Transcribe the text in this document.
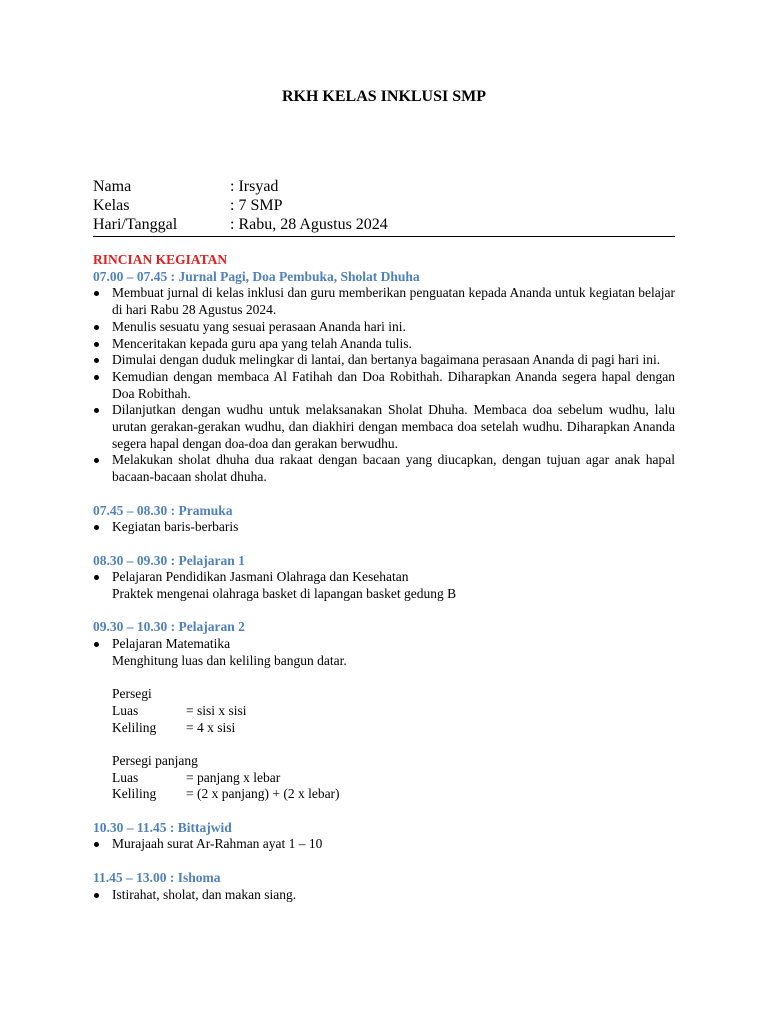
RKH KELAS INKLUSI SMP
Nama	: Irsyad
Kelas	: 7 SMP
Hari/Tanggal	: Rabu, 28 Agustus 2024

RINCIAN KEGIATAN

07.00 – 07.45 : Jurnal Pagi, Doa Pembuka, Sholat Dhuha

Membuat jurnal di kelas inklusi dan guru memberikan penguatan kepada Ananda untuk kegiatan belajar di hari Rabu 28 Agustus 2024.
Menulis sesuatu yang sesuai perasaan Ananda hari ini.
Menceritakan kepada guru apa yang telah Ananda tulis.
Dimulai dengan duduk melingkar di lantai, dan bertanya bagaimana perasaan Ananda di pagi hari ini.
Kemudian dengan membaca Al Fatihah dan Doa Robithah. Diharapkan Ananda segera hapal dengan Doa Robithah.
Dilanjutkan dengan wudhu untuk melaksanakan Sholat Dhuha. Membaca doa sebelum wudhu, lalu urutan gerakan-gerakan wudhu, dan diakhiri dengan membaca doa setelah wudhu. Diharapkan Ananda segera hapal dengan doa-doa dan gerakan berwudhu.
Melakukan sholat dhuha dua rakaat dengan bacaan yang diucapkan, dengan tujuan agar anak hapal bacaan-bacaan sholat dhuha.

07.45 – 08.30 : Pramuka

Kegiatan baris-berbaris

08.30 – 09.30 : Pelajaran 1

Pelajaran Pendidikan Jasmani Olahraga dan Kesehatan

Praktek mengenai olahraga basket di lapangan basket gedung B

09.30 – 10.30 : Pelajaran 2

Pelajaran Matematika

Menghitung luas dan keliling bangun datar.

Persegi

Luas	= sisi x sisi
Keliling = 4 x sisi

Persegi panjang

Luas	= panjang x lebar
Keliling = (2 x panjang) + (2 x lebar)

10.30 – 11.45 : Bittajwid

Murajaah surat Ar-Rahman ayat 1 – 10

11.45 – 13.00 : Ishoma

Istirahat, sholat, dan makan siang.
